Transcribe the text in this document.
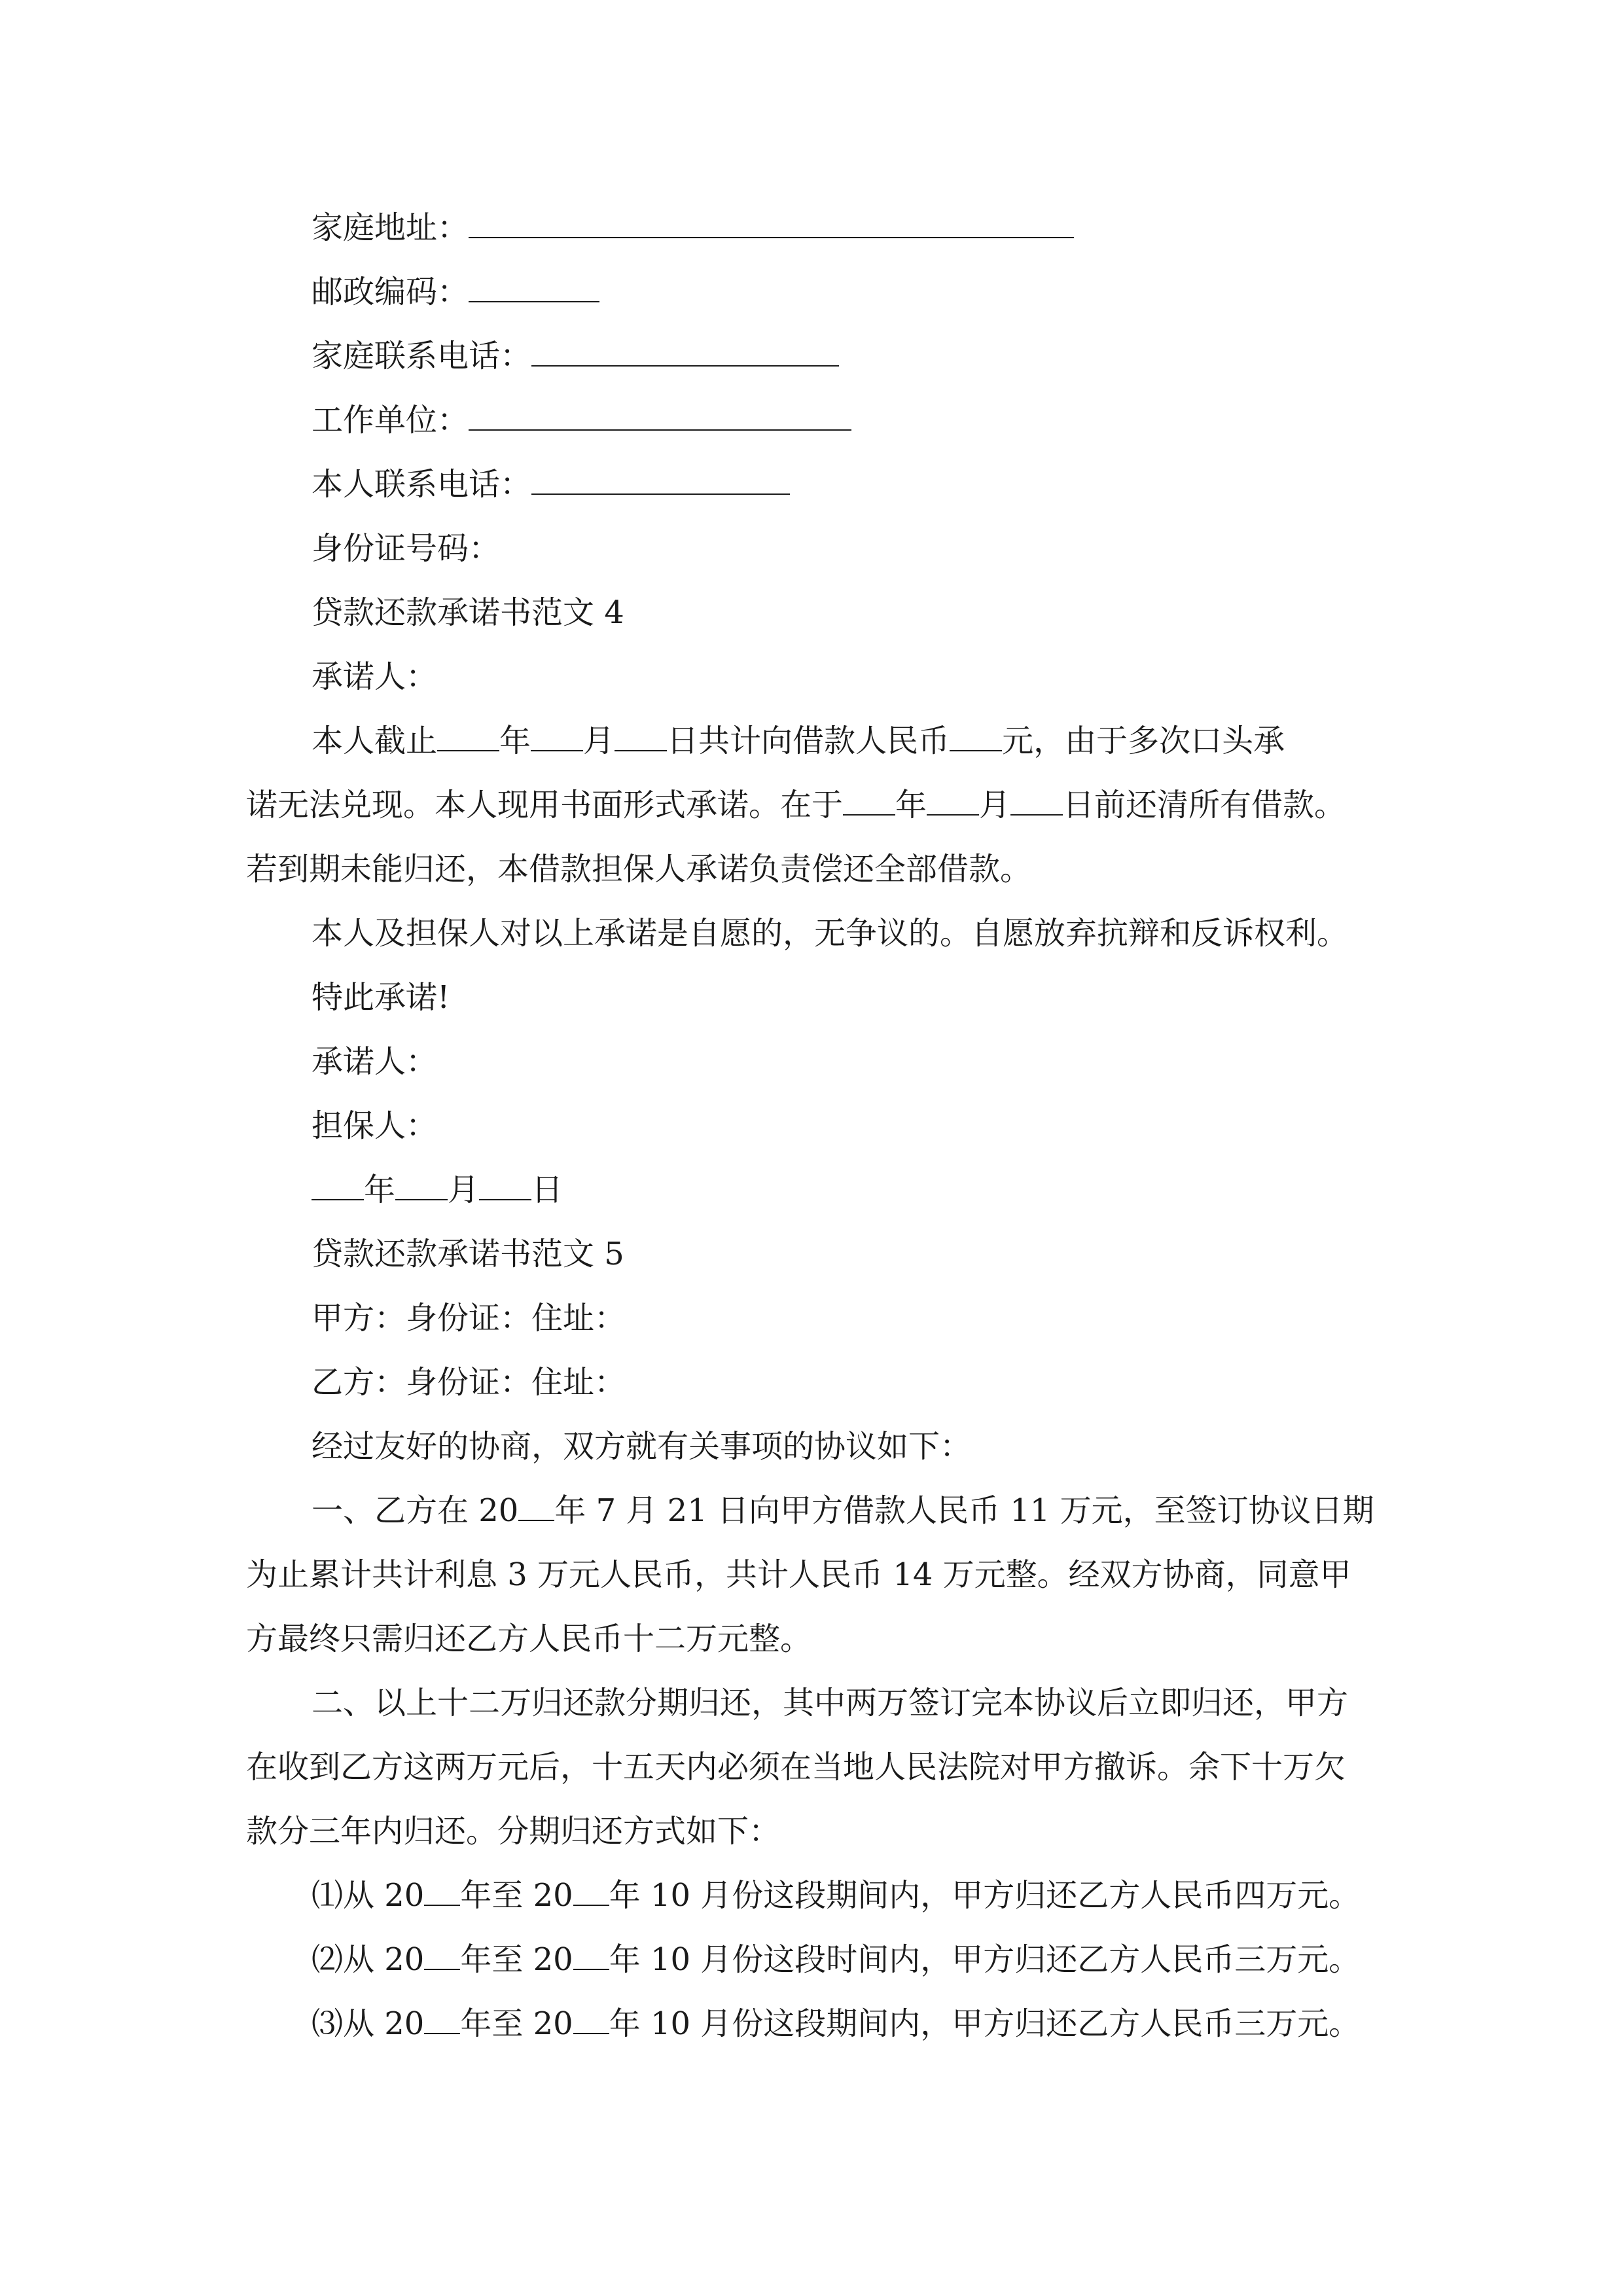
家庭地址：
邮政编码：
家庭联系电话：
工作单位：
本人联系电话：
身份证号码：
贷款还款承诺书范文 4
承诺人：
本人截止 年 月 日共计向借款人民币 元，由于多次口头承
诺无法兑现。本人现用书面形式承诺。在于 年 月 日前还清所有借款。
若到期未能归还，本借款担保人承诺负责偿还全部借款。
本人及担保人对以上承诺是自愿的，无争议的。自愿放弃抗辩和反诉权利。
特此承诺!
承诺人：
担保人：
年 月 日
贷款还款承诺书范文 5
甲方：身份证：住址：
乙方：身份证：住址：
经过友好的协商，双方就有关事项的协议如下：
一、乙方在 20 年 7 月 21 日向甲方借款人民币 11 万元，至签订协议日期
为止累计共计利息 3 万元人民币，共计人民币 14 万元整。经双方协商，同意甲
方最终只需归还乙方人民币十二万元整。
二、以上十二万归还款分期归还，其中两万签订完本协议后立即归还，甲方
在收到乙方这两万元后，十五天内必须在当地人民法院对甲方撤诉。余下十万欠
款分三年内归还。分期归还方式如下：
⑴从 20 年至 20 年 10 月份这段期间内，甲方归还乙方人民币四万元。
⑵从 20 年至 20 年 10 月份这段时间内，甲方归还乙方人民币三万元。
⑶从 20 年至 20 年 10 月份这段期间内，甲方归还乙方人民币三万元。
